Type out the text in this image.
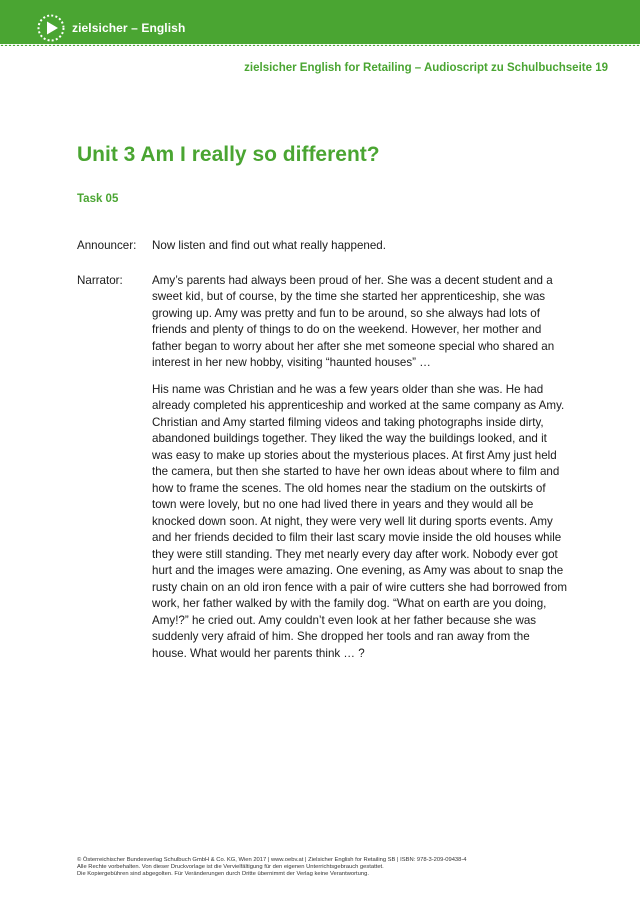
zielsicher – English
zielsicher English for Retailing – Audioscript zu Schulbuchseite 19
Unit 3 Am I really so different?
Task 05
Announcer:	Now listen and find out what really happened.

Narrator:	Amy’s parents had always been proud of her. She was a decent student and a sweet kid, but of course, by the time she started her apprenticeship, she was growing up. Amy was pretty and fun to be around, so she always had lots of friends and plenty of things to do on the weekend. However, her mother and father began to worry about her after she met someone special who shared an interest in her new hobby, visiting “haunted houses” …

His name was Christian and he was a few years older than she was. He had already completed his apprenticeship and worked at the same company as Amy. Christian and Amy started filming videos and taking photographs inside dirty, abandoned buildings together. They liked the way the buildings looked, and it was easy to make up stories about the mysterious places. At first Amy just held the camera, but then she started to have her own ideas about where to film and how to frame the scenes. The old homes near the stadium on the outskirts of town were lovely, but no one had lived there in years and they would all be knocked down soon. At night, they were very well lit during sports events. Amy and her friends decided to film their last scary movie inside the old houses while they were still standing. They met nearly every day after work. Nobody ever got hurt and the images were amazing. One evening, as Amy was about to snap the rusty chain on an old iron fence with a pair of wire cutters she had borrowed from work, her father walked by with the family dog. “What on earth are you doing, Amy!?” he cried out. Amy couldn’t even look at her father because she was suddenly very afraid of him. She dropped her tools and ran away from the house. What would her parents think … ?

© Österreichischer Bundesverlag Schulbuch GmbH & Co. KG, Wien 2017 | www.oebv.at | Zielsicher English for Retailing SB | ISBN: 978-3-209-09438-4
Alle Rechte vorbehalten. Von dieser Druckvorlage ist die Vervielfältigung für den eigenen Unterrichtsgebrauch gestattet.
Die Kopiergebühren sind abgegolten. Für Veränderungen durch Dritte übernimmt der Verlag keine Verantwortung.
